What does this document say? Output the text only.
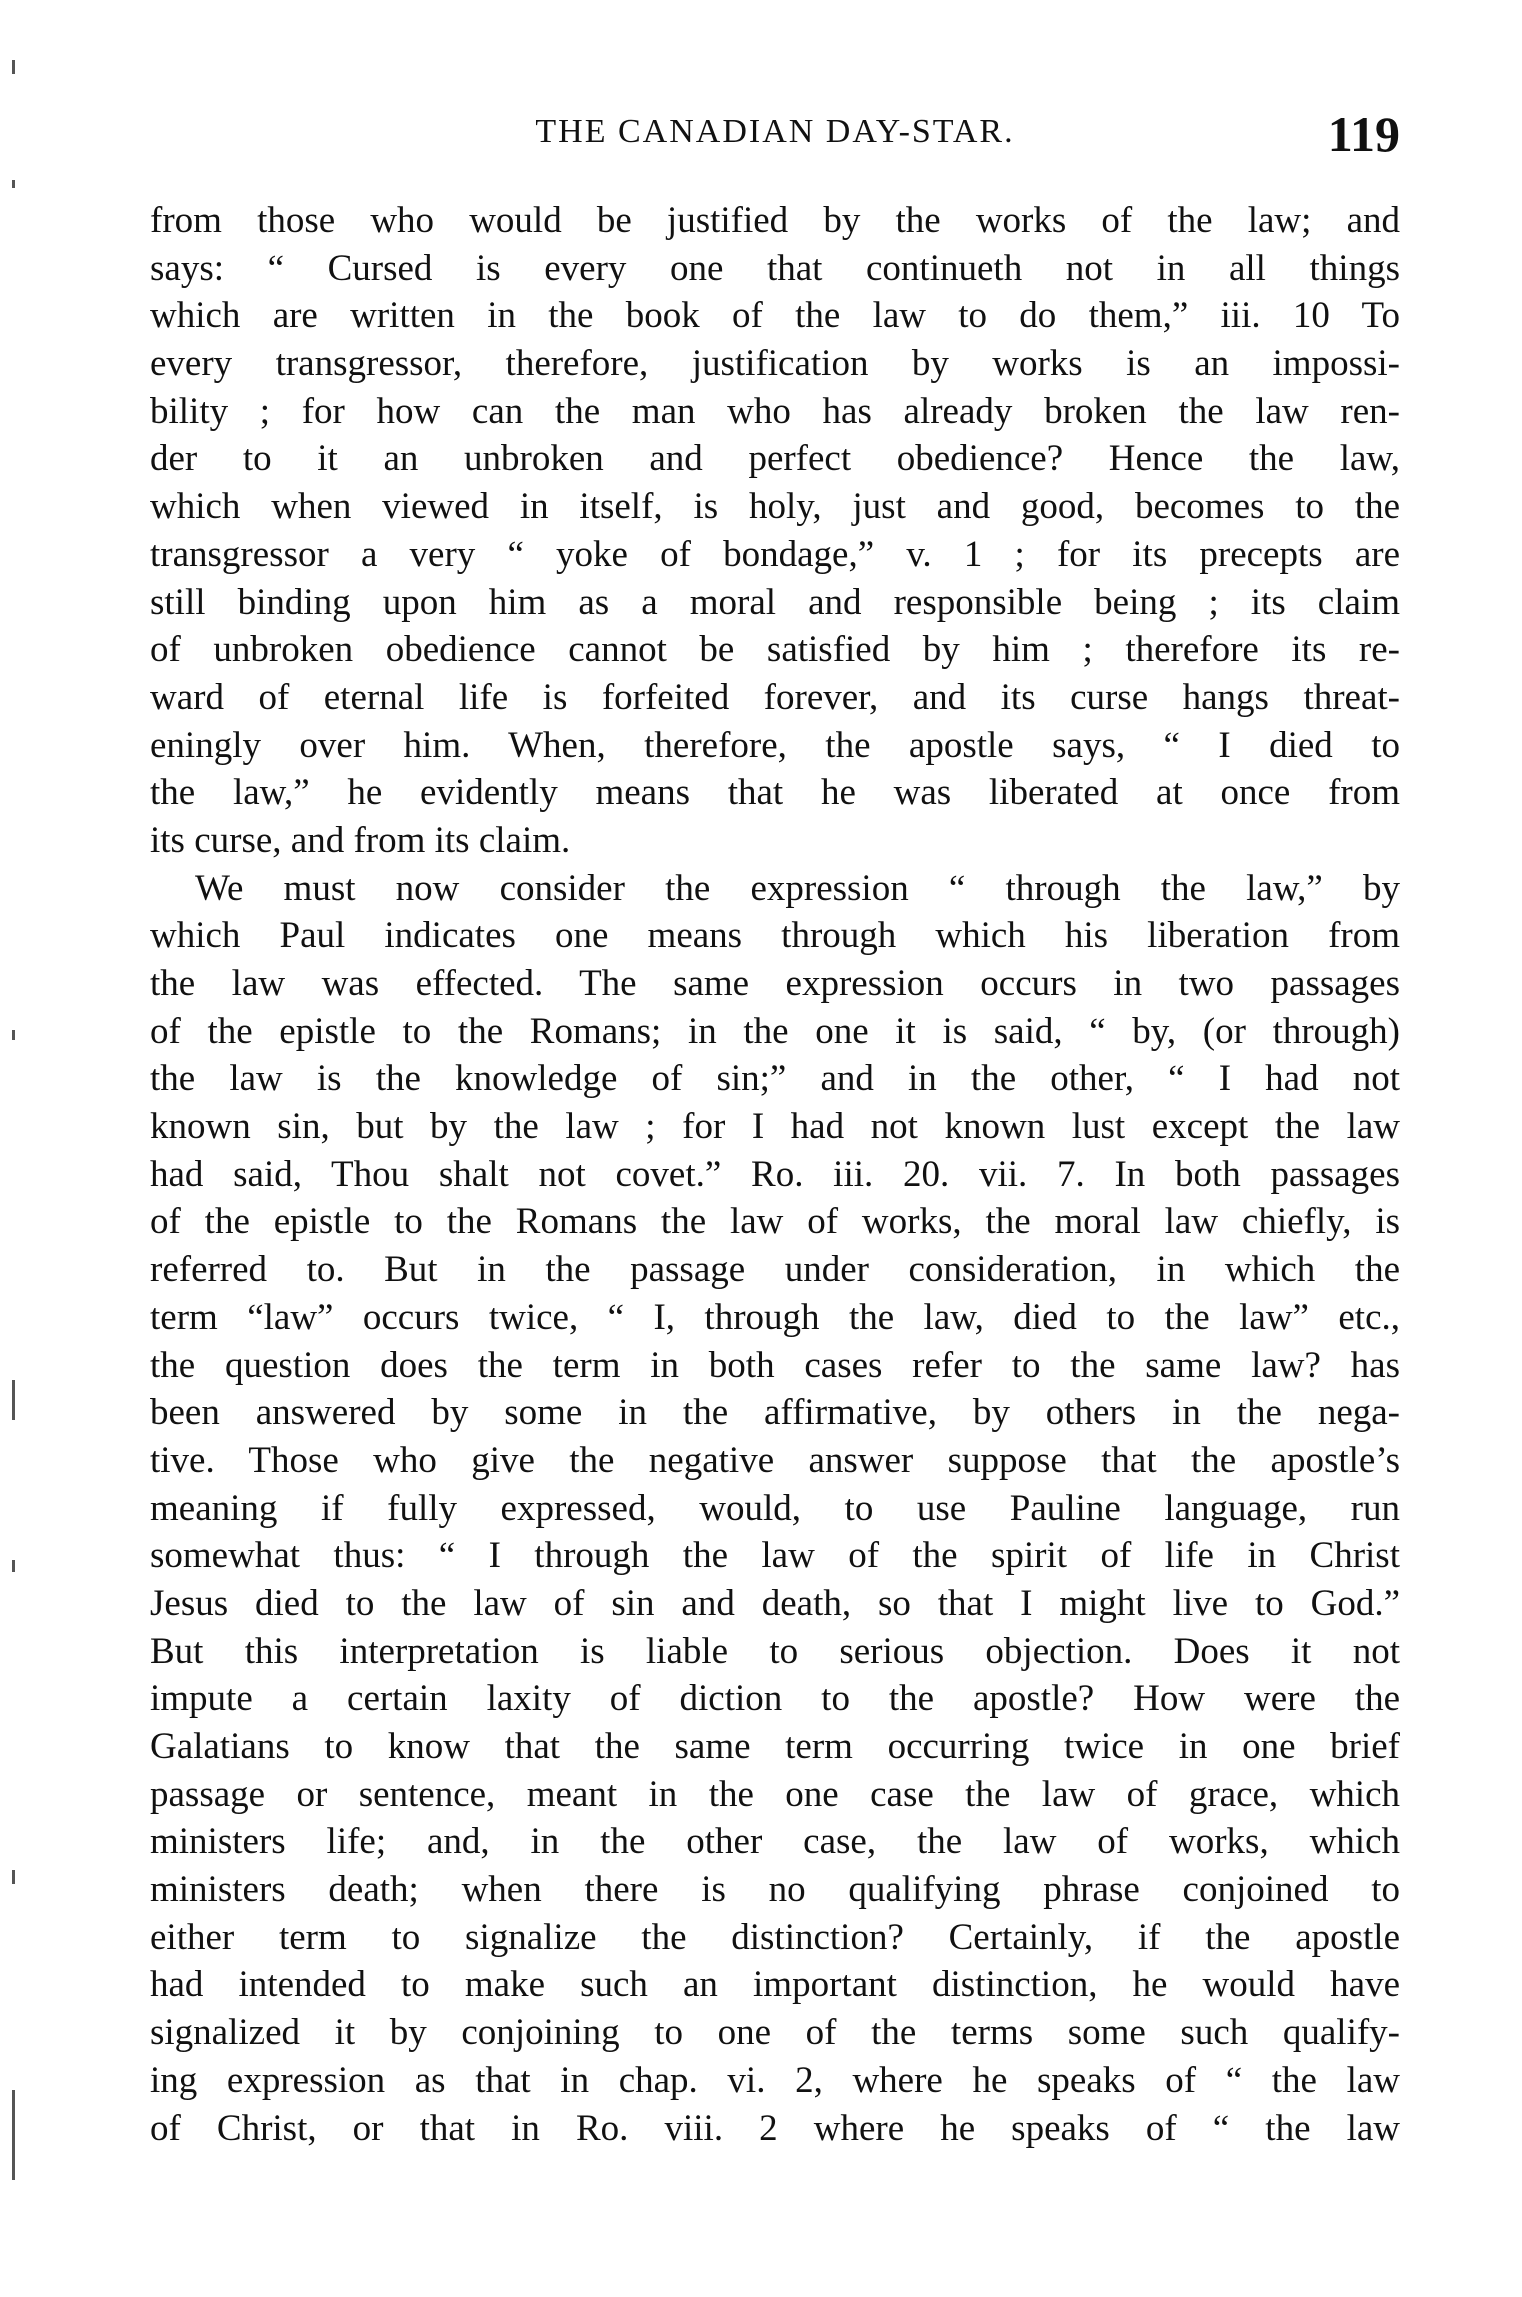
THE CANADIAN DAY-STAR.	119
from those who would be justified by the works of the law; and
says: “ Cursed is every one that continueth not in all things
which are written in the book of the law to do them,” iii. 10 To
every transgressor, therefore, justification by works is an impossi-
bility ; for how can the man who has already broken the law ren-
der to it an unbroken and perfect obedience? Hence the law,
which when viewed in itself, is holy, just and good, becomes to the
transgressor a very “ yoke of bondage,” v. 1 ; for its precepts are
still binding upon him as a moral and responsible being ; its claim
of unbroken obedience cannot be satisfied by him ; therefore its re-
ward of eternal life is forfeited forever, and its curse hangs threat-
eningly over him. When, therefore, the apostle says, “ I died to
the law,” he evidently means that he was liberated at once from
its curse, and from its claim.
We must now consider the expression “ through the law,” by
which Paul indicates one means through which his liberation from
the law was effected. The same expression occurs in two passages
of the epistle to the Romans; in the one it is said, “ by, (or through)
the law is the knowledge of sin;” and in the other, “ I had not
known sin, but by the law ; for I had not known lust except the law
had said, Thou shalt not covet.” Ro. iii. 20. vii. 7. In both passages
of the epistle to the Romans the law of works, the moral law chiefly, is
referred to. But in the passage under consideration, in which the
term “law” occurs twice, “ I, through the law, died to the law” etc.,
the question does the term in both cases refer to the same law? has
been answered by some in the affirmative, by others in the nega-
tive. Those who give the negative answer suppose that the apostle’s
meaning if fully expressed, would, to use Pauline language, run
somewhat thus: “ I through the law of the spirit of life in Christ
Jesus died to the law of sin and death, so that I might live to God.”
But this interpretation is liable to serious objection. Does it not
impute a certain laxity of diction to the apostle? How were the
Galatians to know that the same term occurring twice in one brief
passage or sentence, meant in the one case the law of grace, which
ministers life; and, in the other case, the law of works, which
ministers death; when there is no qualifying phrase conjoined to
either term to signalize the distinction? Certainly, if the apostle
had intended to make such an important distinction, he would have
signalized it by conjoining to one of the terms some such qualify-
ing expression as that in chap. vi. 2, where he speaks of “ the law
of Christ, or that in Ro. viii. 2 where he speaks of “ the law
